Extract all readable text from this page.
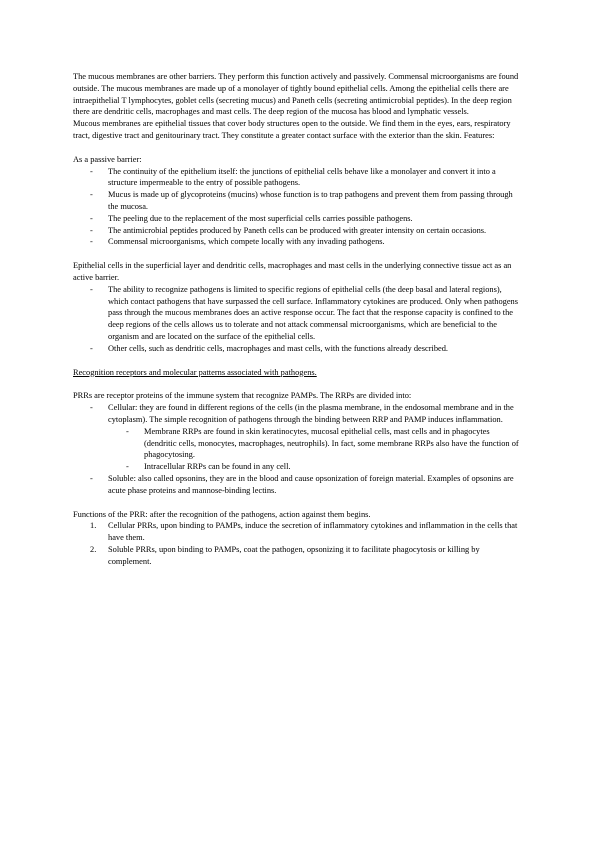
The mucous membranes are other barriers. They perform this function actively and passively. Commensal microorganisms are found outside. The mucous membranes are made up of a monolayer of tightly bound epithelial cells. Among the epithelial cells there are intraepithelial T lymphocytes, goblet cells (secreting mucus) and Paneth cells (secreting antimicrobial peptides). In the deep region there are dendritic cells, macrophages and mast cells. The deep region of the mucosa has blood and lymphatic vessels.

Mucous membranes are epithelial tissues that cover body structures open to the outside. We find them in the eyes, ears, respiratory tract, digestive tract and genitourinary tract. They constitute a greater contact surface with the exterior than the skin. Features:

As a passive barrier:

- The continuity of the epithelium itself: the junctions of epithelial cells behave like a monolayer and convert it into a structure impermeable to the entry of possible pathogens.
- Mucus is made up of glycoproteins (mucins) whose function is to trap pathogens and prevent them from passing through the mucosa.
- The peeling due to the replacement of the most superficial cells carries possible pathogens.
- The antimicrobial peptides produced by Paneth cells can be produced with greater intensity on certain occasions.
- Commensal microorganisms, which compete locally with any invading pathogens.

Epithelial cells in the superficial layer and dendritic cells, macrophages and mast cells in the underlying connective tissue act as an active barrier.

- The ability to recognize pathogens is limited to specific regions of epithelial cells (the deep basal and lateral regions), which contact pathogens that have surpassed the cell surface. Inflammatory cytokines are produced. Only when pathogens pass through the mucous membranes does an active response occur. The fact that the response capacity is confined to the deep regions of the cells allows us to tolerate and not attack commensal microorganisms, which are beneficial to the organism and are located on the surface of the epithelial cells.
- Other cells, such as dendritic cells, macrophages and mast cells, with the functions already described.

Recognition receptors and molecular patterns associated with pathogens.

PRRs are receptor proteins of the immune system that recognize PAMPs. The RRPs are divided into:

- Cellular: they are found in different regions of the cells (in the plasma membrane, in the endosomal membrane and in the cytoplasm). The simple recognition of pathogens through the binding between RRP and PAMP induces inflammation.
- Membrane RRPs are found in skin keratinocytes, mucosal epithelial cells, mast cells and in phagocytes (dendritic cells, monocytes, macrophages, neutrophils). In fact, some membrane RRPs also have the function of phagocytosing.
- Intracellular RRPs can be found in any cell.
- Soluble: also called opsonins, they are in the blood and cause opsonization of foreign material. Examples of opsonins are acute phase proteins and mannose-binding lectins.

Functions of the PRR: after the recognition of the pathogens, action against them begins.

1. Cellular PRRs, upon binding to PAMPs, induce the secretion of inflammatory cytokines and inflammation in the cells that have them.
2. Soluble PRRs, upon binding to PAMPs, coat the pathogen, opsonizing it to facilitate phagocytosis or killing by complement.
